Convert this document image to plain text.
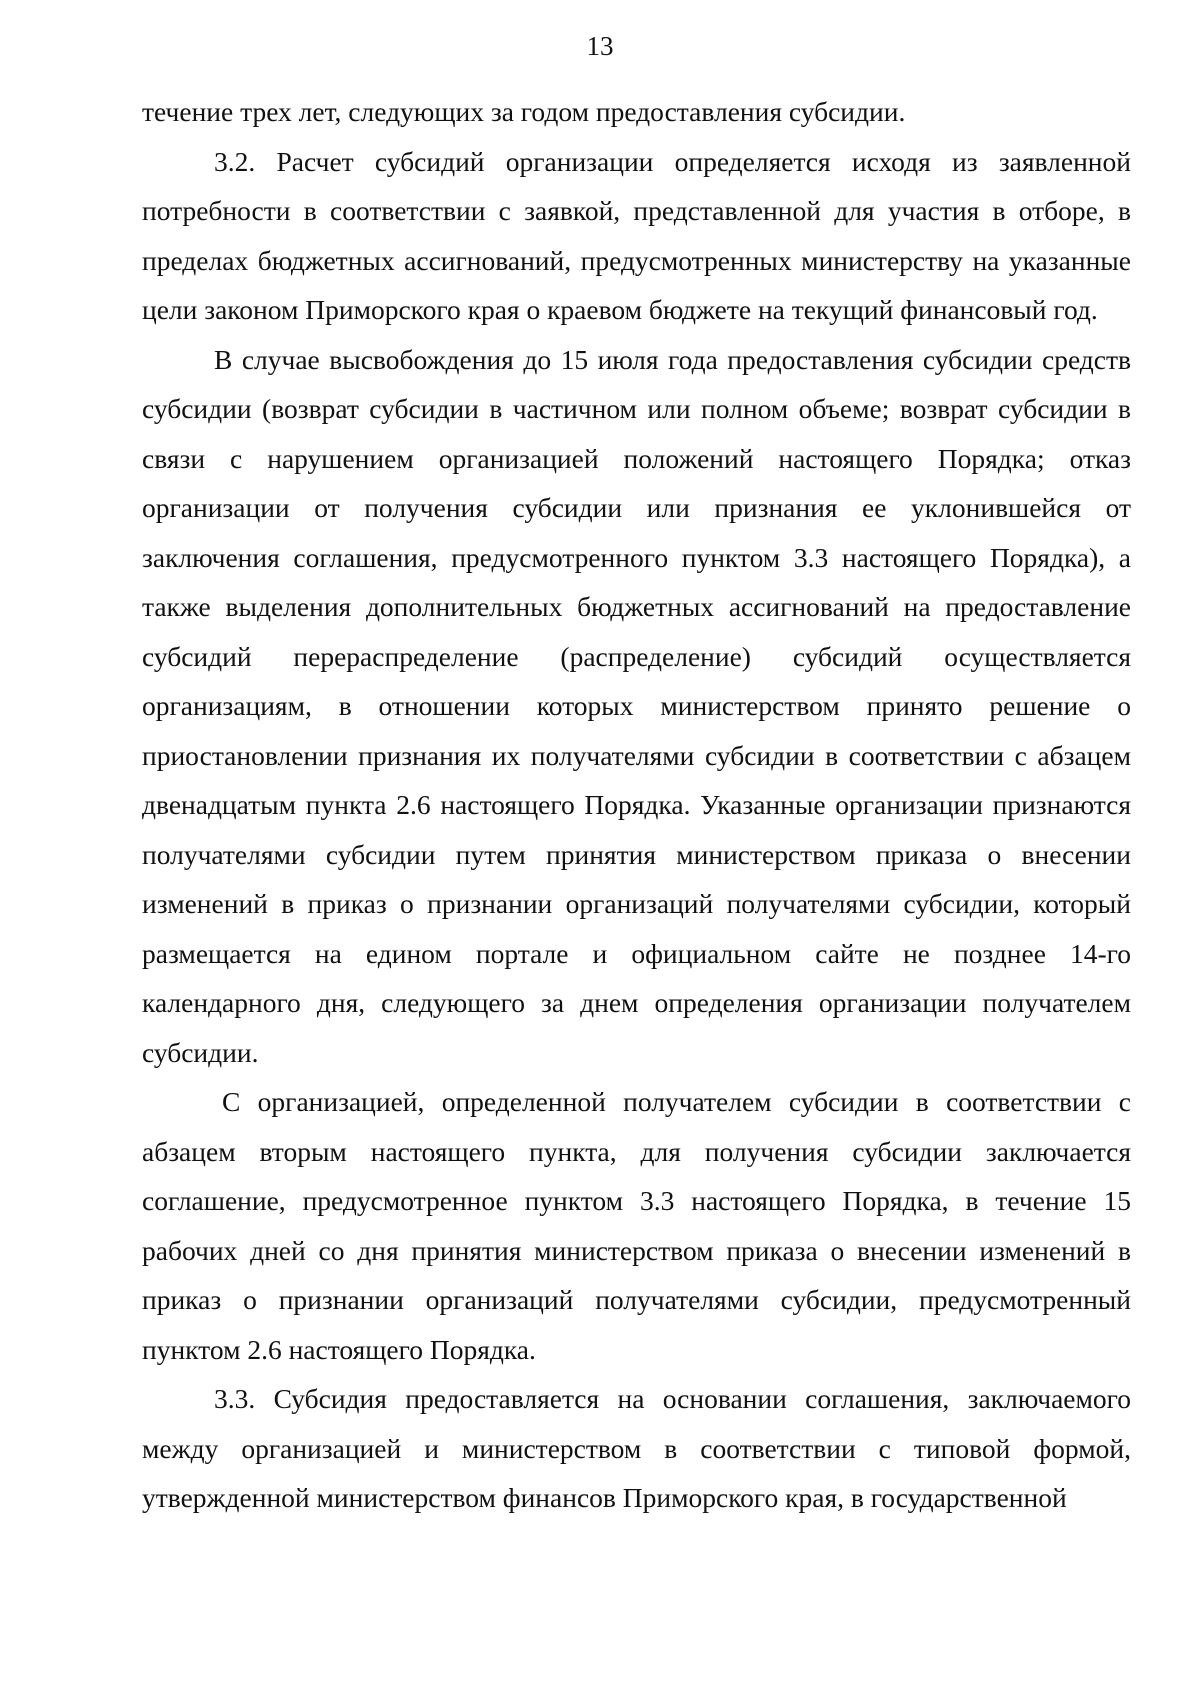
13

течение трех лет, следующих за годом предоставления субсидии.

3.2. Расчет субсидий организации определяется исходя из заявленной потребности в соответствии с заявкой, представленной для участия в отборе, в пределах бюджетных ассигнований, предусмотренных министерству на указанные цели законом Приморского края о краевом бюджете на текущий финансовый год.

В случае высвобождения до 15 июля года предоставления субсидии средств субсидии (возврат субсидии в частичном или полном объеме; возврат субсидии в связи с нарушением организацией положений настоящего Порядка; отказ организации от получения субсидии или признания ее уклонившейся от заключения соглашения, предусмотренного пунктом 3.3 настоящего Порядка), а также выделения дополнительных бюджетных ассигнований на предоставление субсидий перераспределение (распределение) субсидий осуществляется организациям, в отношении которых министерством принято решение о приостановлении признания их получателями субсидии в соответствии с абзацем двенадцатым пункта 2.6 настоящего Порядка. Указанные организации признаются получателями субсидии путем принятия министерством приказа о внесении изменений в приказ о признании организаций получателями субсидии, который размещается на едином портале и официальном сайте не позднее 14-го календарного дня, следующего за днем определения организации получателем субсидии.

С организацией, определенной получателем субсидии в соответствии с абзацем вторым настоящего пункта, для получения субсидии заключается соглашение, предусмотренное пунктом 3.3 настоящего Порядка, в течение 15 рабочих дней со дня принятия министерством приказа о внесении изменений в приказ о признании организаций получателями субсидии, предусмотренный пунктом 2.6 настоящего Порядка.

3.3. Субсидия предоставляется на основании соглашения, заключаемого между организацией и министерством в соответствии с типовой формой, утвержденной министерством финансов Приморского края, в государственной
